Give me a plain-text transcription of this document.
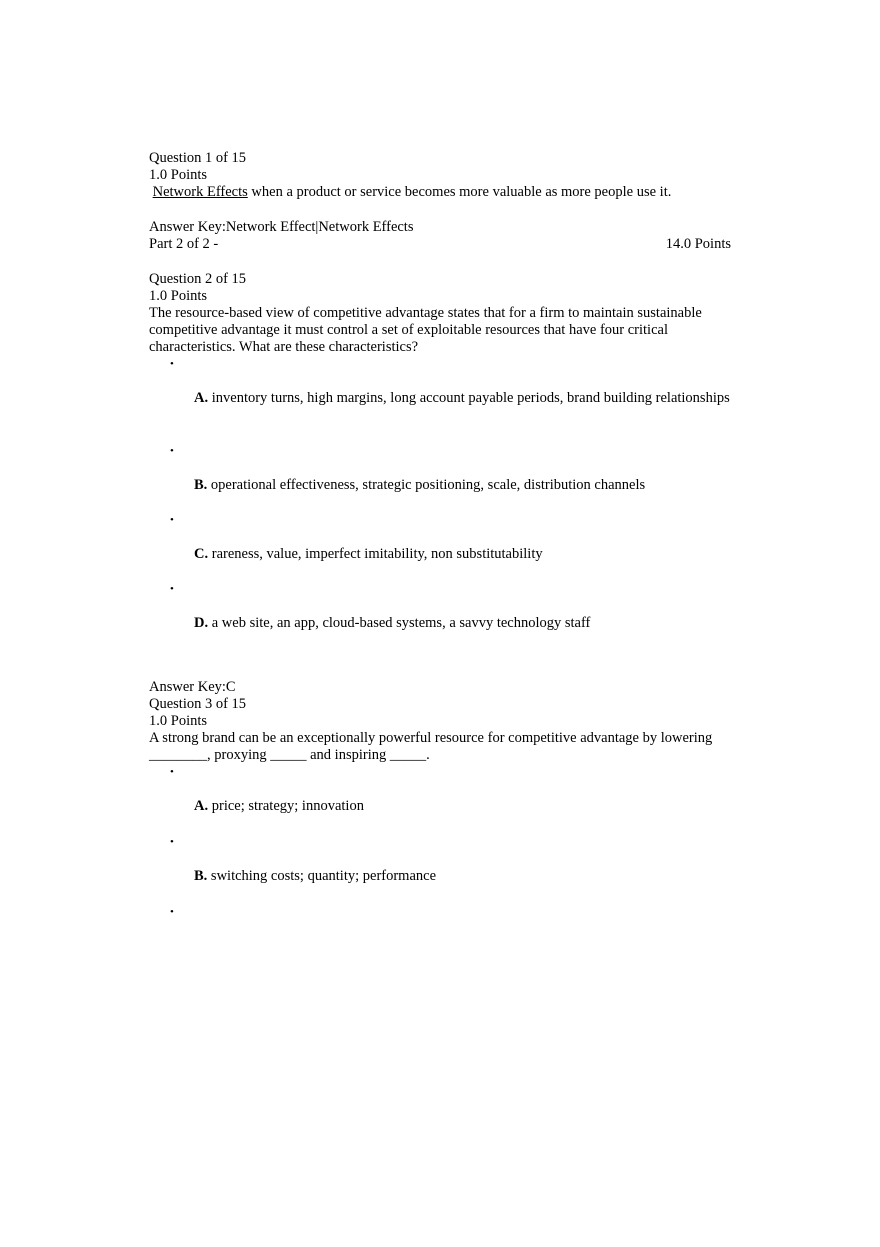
Question 1 of 15
1.0 Points
Network Effects when a product or service becomes more valuable as more people use it.
Answer Key:Network Effect|Network Effects
Part 2 of 2 -	14.0 Points
Question 2 of 15
1.0 Points
The resource-based view of competitive advantage states that for a firm to maintain sustainable competitive advantage it must control a set of exploitable resources that have four critical characteristics. What are these characteristics?
•
A. inventory turns, high margins, long account payable periods, brand building relationships
•
B. operational effectiveness, strategic positioning, scale, distribution channels
•
C. rareness, value, imperfect imitability, non substitutability
•
D. a web site, an app, cloud-based systems, a savvy technology staff
Answer Key:C
Question 3 of 15
1.0 Points
A strong brand can be an exceptionally powerful resource for competitive advantage by lowering ________, proxying _____ and inspiring _____.
•
A. price; strategy; innovation
•
B. switching costs; quantity; performance
•
